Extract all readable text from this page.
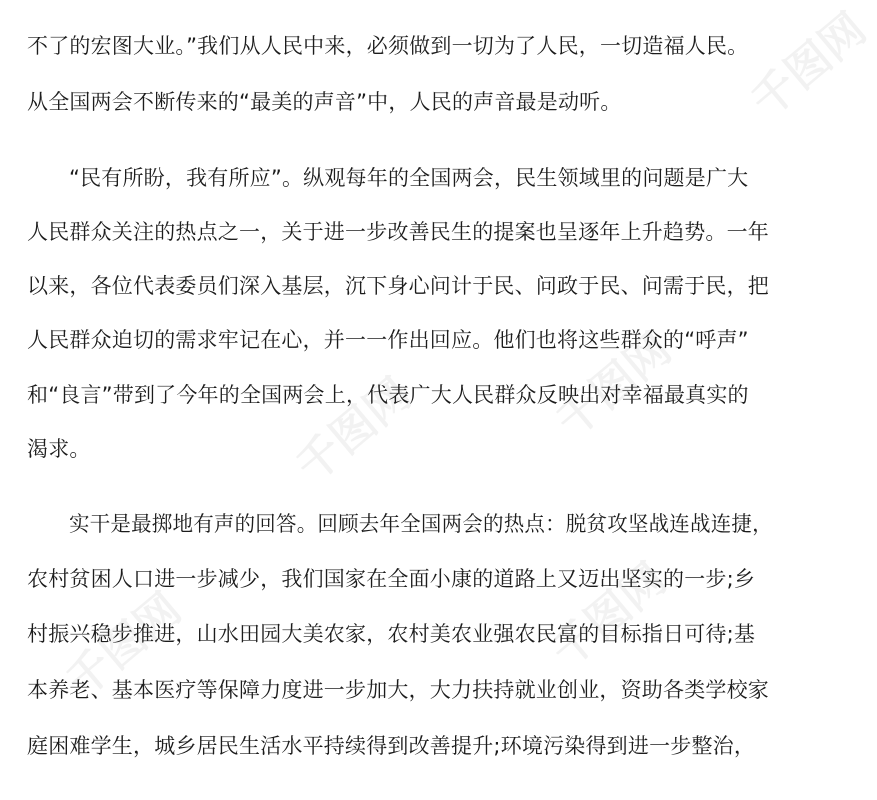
千图网	千图网
千图网	千图网
千图网
不了的宏图大业。”我们从人民中来，必须做到一切为了人民，一切造福人民。
从全国两会不断传来的“最美的声音”中，人民的声音最是动听。
“民有所盼，我有所应”。纵观每年的全国两会，民生领域里的问题是广大
人民群众关注的热点之一，关于进一步改善民生的提案也呈逐年上升趋势。一年
以来，各位代表委员们深入基层，沉下身心问计于民、问政于民、问需于民，把
人民群众迫切的需求牢记在心，并一一作出回应。他们也将这些群众的“呼声”
和“良言”带到了今年的全国两会上，代表广大人民群众反映出对幸福最真实的
渴求。
实干是最掷地有声的回答。回顾去年全国两会的热点：脱贫攻坚战连战连捷，
农村贫困人口进一步减少，我们国家在全面小康的道路上又迈出坚实的一步;乡
村振兴稳步推进，山水田园大美农家，农村美农业强农民富的目标指日可待;基
本养老、基本医疗等保障力度进一步加大，大力扶持就业创业，资助各类学校家
庭困难学生，城乡居民生活水平持续得到改善提升;环境污染得到进一步整治，
